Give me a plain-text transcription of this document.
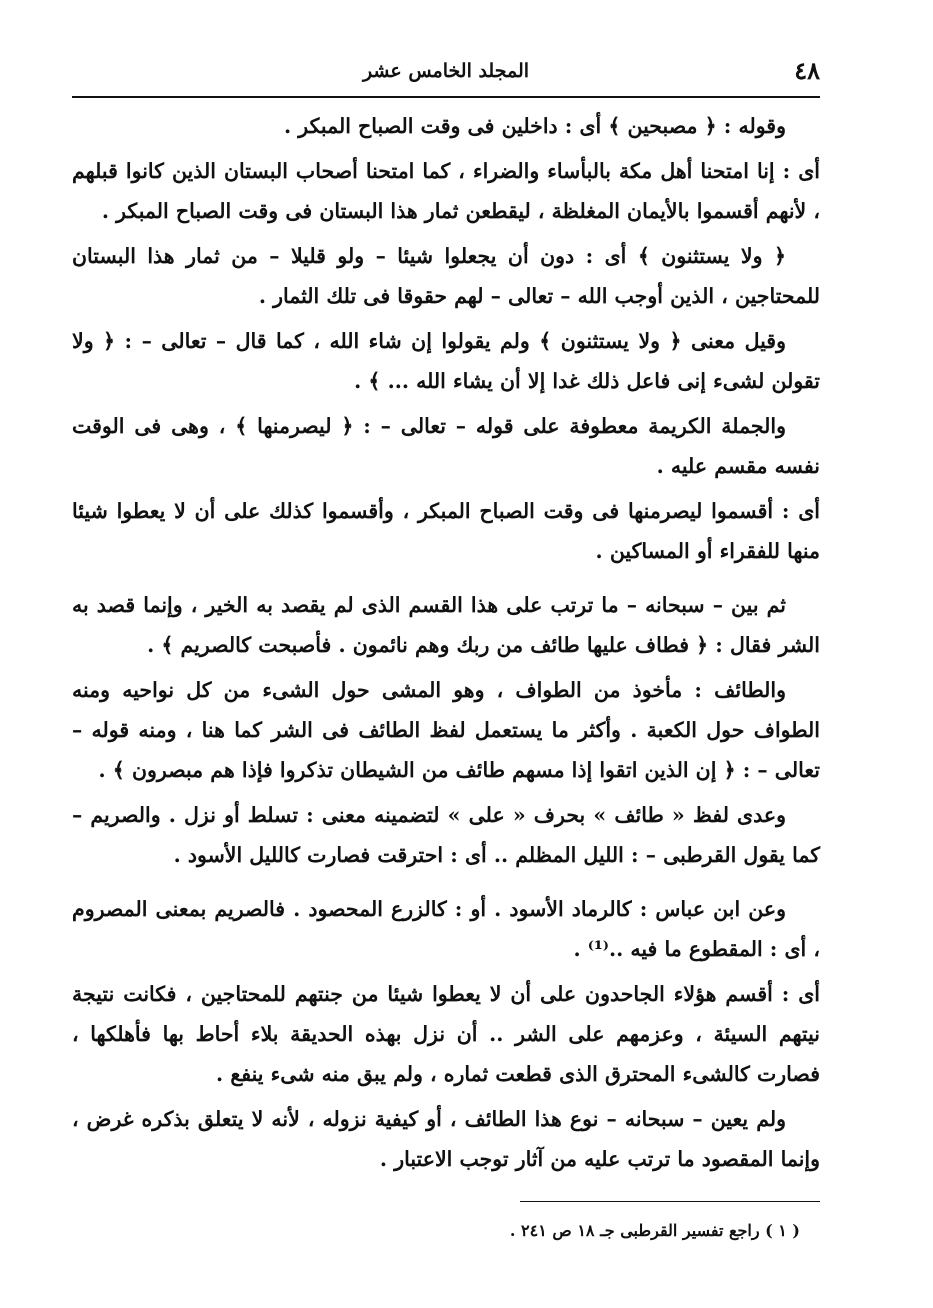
٤٨
المجلد الخامس عشر

وقوله : ﴿ مصبحين ﴾ أى : داخلين فى وقت الصباح المبكر .

أى : إنا امتحنا أهل مكة بالبأساء والضراء ، كما امتحنا أصحاب البستان الذين كانوا قبلهم ، لأنهم أقسموا بالأيمان المغلظة ، ليقطعن ثمار هذا البستان فى وقت الصباح المبكر .

﴿ ولا يستثنون ﴾ أى : دون أن يجعلوا شيئا – ولو قليلا – من ثمار هذا البستان للمحتاجين ، الذين أوجب الله – تعالى – لهم حقوقا فى تلك الثمار .

وقيل معنى ﴿ ولا يستثنون ﴾ ولم يقولوا إن شاء الله ، كما قال – تعالى – : ﴿ ولا تقولن لشىء إنى فاعل ذلك غدا إلا أن يشاء الله ... ﴾ .

والجملة الكريمة معطوفة على قوله – تعالى – : ﴿ ليصرمنها ﴾ ، وهى فى الوقت نفسه مقسم عليه .

أى : أقسموا ليصرمنها فى وقت الصباح المبكر ، وأقسموا كذلك على أن لا يعطوا شيئا منها للفقراء أو المساكين .

ثم بين – سبحانه – ما ترتب على هذا القسم الذى لم يقصد به الخير ، وإنما قصد به الشر فقال : ﴿ فطاف عليها طائف من ربك وهم نائمون . فأصبحت كالصريم ﴾ .

والطائف : مأخوذ من الطواف ، وهو المشى حول الشىء من كل نواحيه ومنه الطواف حول الكعبة . وأكثر ما يستعمل لفظ الطائف فى الشر كما هنا ، ومنه قوله – تعالى – : ﴿ إن الذين اتقوا إذا مسهم طائف من الشيطان تذكروا فإذا هم مبصرون ﴾ .

وعدى لفظ « طائف » بحرف « على » لتضمينه معنى : تسلط أو نزل . والصريم – كما يقول القرطبى – : الليل المظلم .. أى : احترقت فصارت كالليل الأسود .

وعن ابن عباس : كالرماد الأسود . أو : كالزرع المحصود . فالصريم بمعنى المصروم ، أى : المقطوع ما فيه ..⁽¹⁾ .

أى : أقسم هؤلاء الجاحدون على أن لا يعطوا شيئا من جنتهم للمحتاجين ، فكانت نتيجة نيتهم السيئة ، وعزمهم على الشر .. أن نزل بهذه الحديقة بلاء أحاط بها فأهلكها ، فصارت كالشىء المحترق الذى قطعت ثماره ، ولم يبق منه شىء ينفع .

ولم يعين – سبحانه – نوع هذا الطائف ، أو كيفية نزوله ، لأنه لا يتعلق بذكره غرض ، وإنما المقصود ما ترتب عليه من آثار توجب الاعتبار .

( ١ ) راجع تفسير القرطبى جـ ١٨ ص ٢٤١ .
